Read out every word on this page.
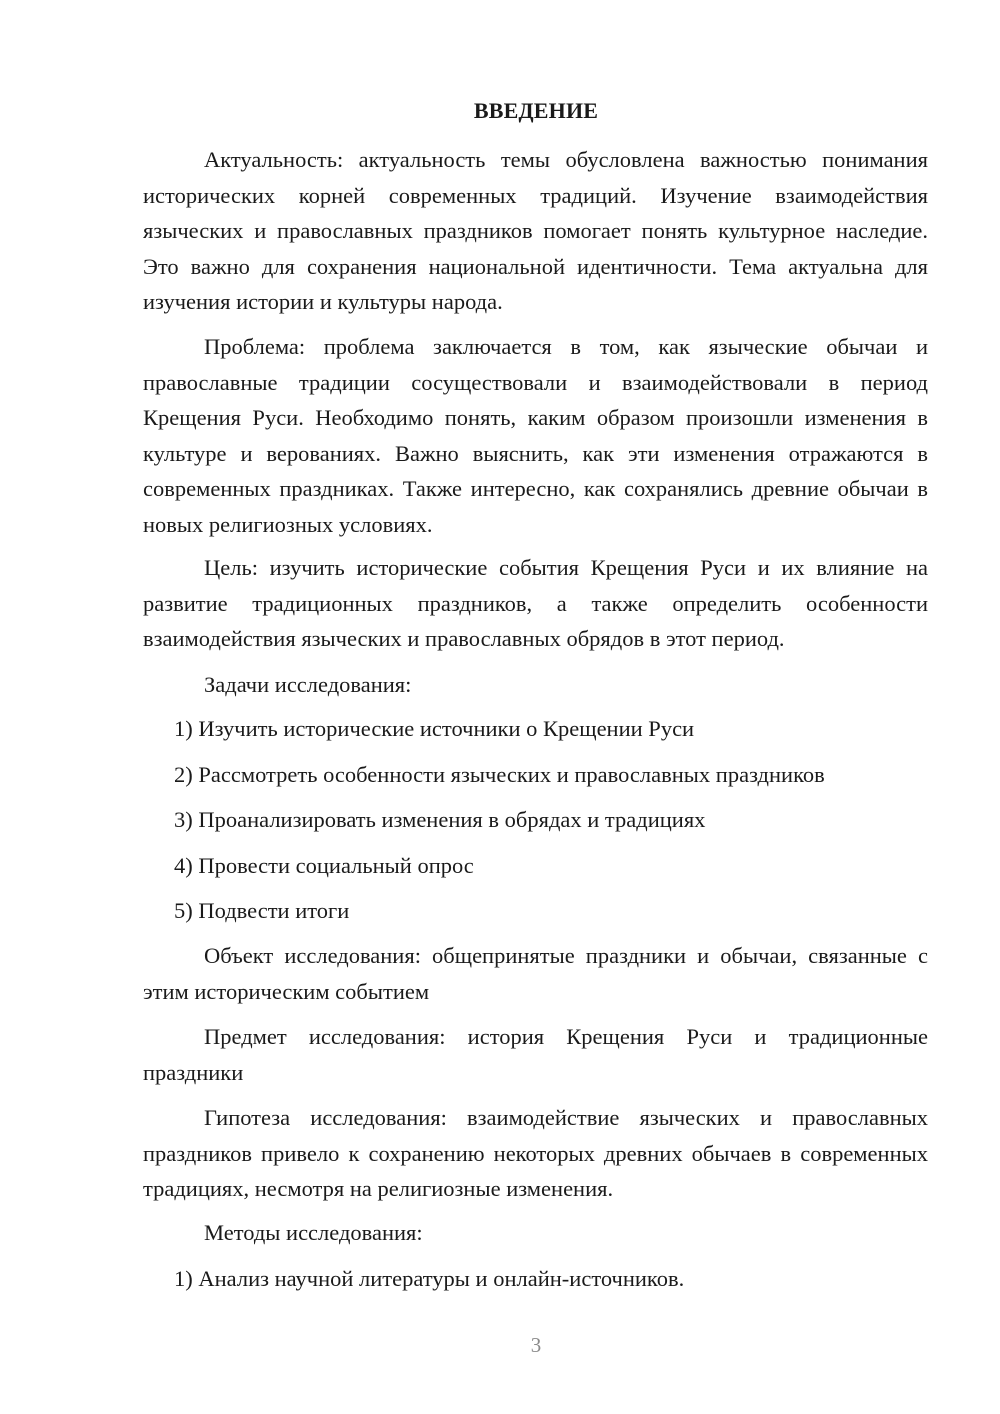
ВВЕДЕНИЕ

Актуальность: актуальность темы обусловлена важностью понимания исторических корней современных традиций. Изучение взаимодействия языческих и православных праздников помогает понять культурное наследие. Это важно для сохранения национальной идентичности. Тема актуальна для изучения истории и культуры народа.

Проблема: проблема заключается в том, как языческие обычаи и православные традиции сосуществовали и взаимодействовали в период Крещения Руси. Необходимо понять, каким образом произошли изменения в культуре и верованиях. Важно выяснить, как эти изменения отражаются в современных праздниках. Также интересно, как сохранялись древние обычаи в новых религиозных условиях.

Цель: изучить исторические события Крещения Руси и их влияние на развитие традиционных праздников, а также определить особенности взаимодействия языческих и православных обрядов в этот период.

Задачи исследования:

1) Изучить исторические источники о Крещении Руси
2) Рассмотреть особенности языческих и православных праздников
3) Проанализировать изменения в обрядах и традициях
4) Провести социальный опрос
5) Подвести итоги

Объект исследования: общепринятые праздники и обычаи, связанные с этим историческим событием

Предмет исследования: история Крещения Руси и традиционные праздники

Гипотеза исследования: взаимодействие языческих и православных праздников привело к сохранению некоторых древних обычаев в современных традициях, несмотря на религиозные изменения.

Методы исследования:

1) Анализ научной литературы и онлайн-источников.
3
